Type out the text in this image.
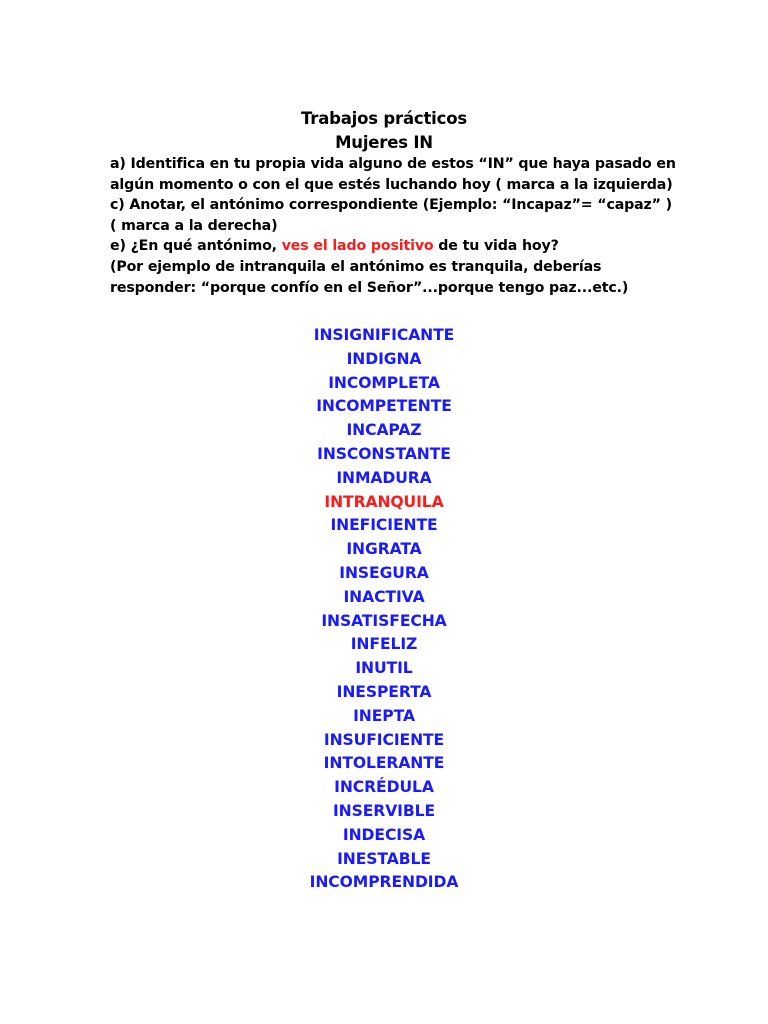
Trabajos prácticos
Mujeres IN
a) Identifica en tu propia vida alguno de estos “IN” que haya pasado en
algún momento o con el que estés luchando hoy ( marca a la izquierda)
c) Anotar, el antónimo correspondiente (Ejemplo: “Incapaz”= “capaz” )
( marca a la derecha)
e) ¿En qué antónimo, ves el lado positivo de tu vida hoy?
(Por ejemplo de intranquila el antónimo es tranquila, deberías
responder: “porque confío en el Señor”...porque tengo paz...etc.)
INSIGNIFICANTE
INDIGNA
INCOMPLETA
INCOMPETENTE
INCAPAZ
INSCONSTANTE
INMADURA
INTRANQUILA
INEFICIENTE
INGRATA
INSEGURA
INACTIVA
INSATISFECHA
INFELIZ
INUTIL
INESPERTA
INEPTA
INSUFICIENTE
INTOLERANTE
INCRÉDULA
INSERVIBLE
INDECISA
INESTABLE
INCOMPRENDIDA
